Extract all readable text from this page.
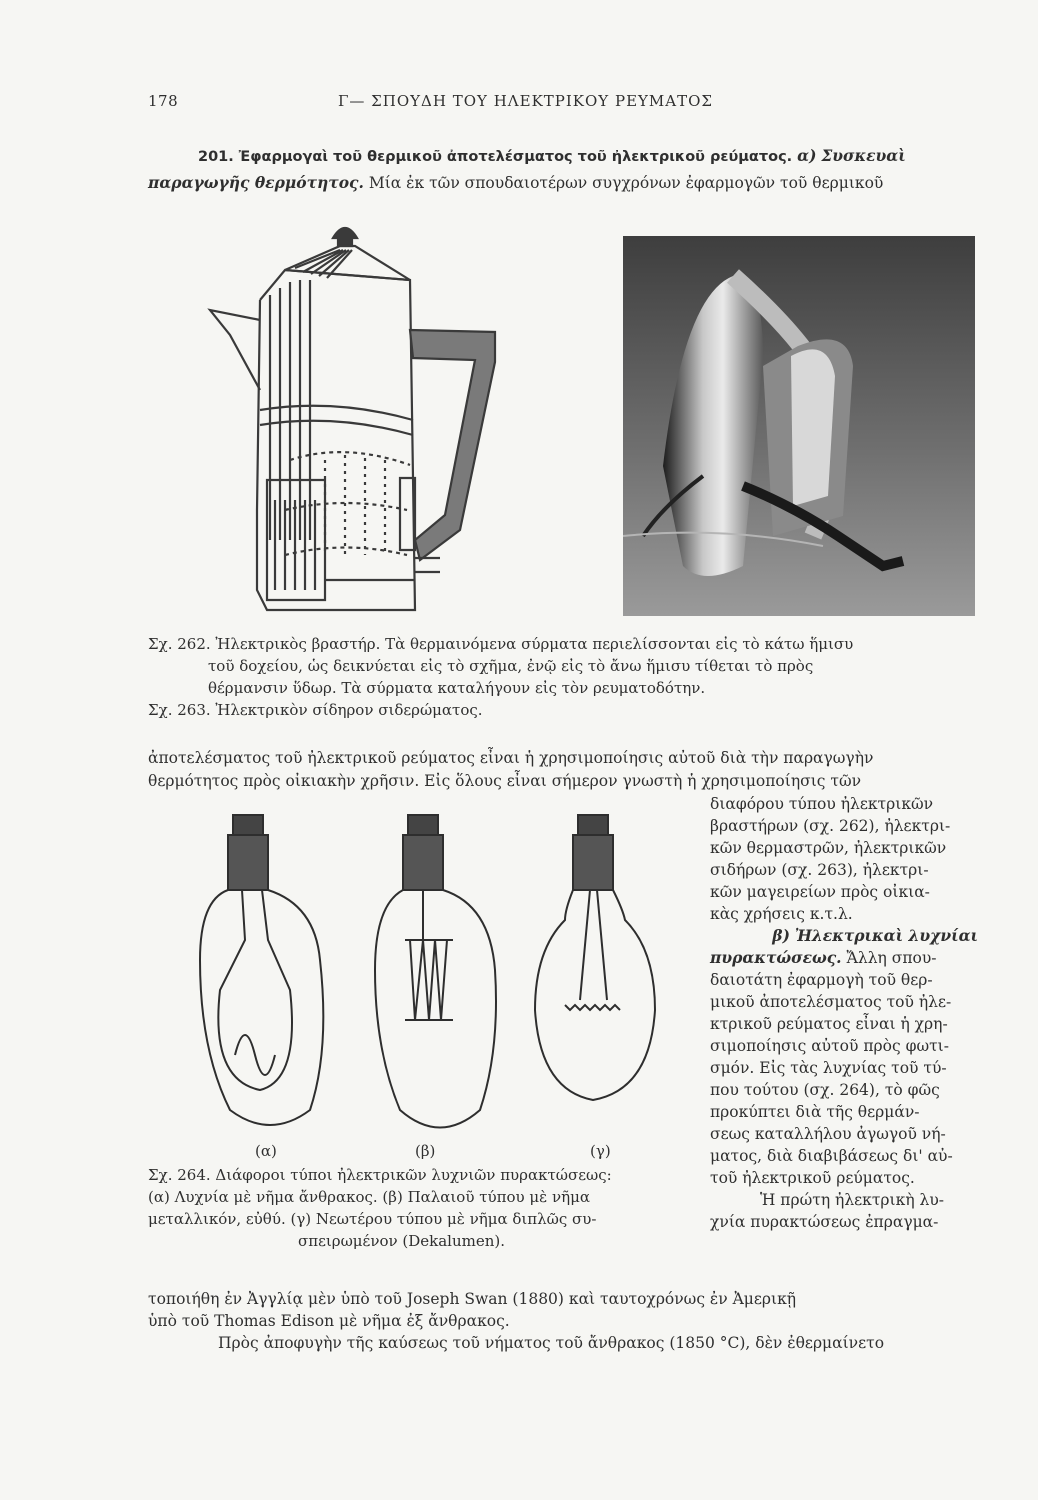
178	Γ— ΣΠΟΥΔΗ ΤΟΥ ΗΛΕΚΤΡΙΚΟΥ ΡΕΥΜΑΤΟΣ
201. Ἐφαρμογαὶ τοῦ θερμικοῦ ἀποτελέσματος τοῦ ἠλεκτρικοῦ ρεύματος. α) Συσκευαὶ παραγωγῆς θερμότητος. Μία ἐκ τῶν σπουδαιοτέρων συγχρόνων ἐφαρμογῶν τοῦ θερμικοῦ
Σχ. 262. Ἠλεκτρικὸς βραστήρ. Τὰ θερμαινόμενα σύρματα περιελίσσονται εἰς τὸ κάτω ἥμισυ
τοῦ δοχείου, ὡς δεικνύεται εἰς τὸ σχῆμα, ἐνῷ εἰς τὸ ἄνω ἥμισυ τίθεται τὸ πρὸς
θέρμανσιν ὕδωρ. Τὰ σύρματα καταλήγουν εἰς τὸν ρευματοδότην.
Σχ. 263. Ἠλεκτρικὸν σίδηρον σιδερώματος.
ἀποτελέσματος τοῦ ἠλεκτρικοῦ ρεύματος εἶναι ἡ χρησιμοποίησις αὐτοῦ διὰ τὴν παραγωγὴν
θερμότητος πρὸς οἰκιακὴν χρῆσιν. Εἰς ὅλους εἶναι σήμερον γνωστὴ ἡ χρησιμοποίησις τῶν
(α)	(β)	(γ)
Σχ. 264. Διάφοροι τύποι ἠλεκτρικῶν λυχνιῶν πυρακτώσεως:
(α) Λυχνία μὲ νῆμα ἄνθρακος. (β) Παλαιοῦ τύπου μὲ νῆμα
μεταλλικόν, εὐθύ. (γ) Νεωτέρου τύπου μὲ νῆμα διπλῶς συ-
σπειρωμένον (Dekalumen).
διαφόρου τύπου ἠλεκτρικῶν
βραστήρων (σχ. 262), ἠλεκτρι-
κῶν θερμαστρῶν, ἠλεκτρικῶν
σιδήρων (σχ. 263), ἠλεκτρι-
κῶν μαγειρείων πρὸς οἰκια-
κὰς χρήσεις κ.τ.λ.
β) Ἠλεκτρικαὶ λυχνίαι
πυρακτώσεως. Ἄλλη σπου-
δαιοτάτη ἐφαρμογὴ τοῦ θερ-
μικοῦ ἀποτελέσματος τοῦ ἠλε-
κτρικοῦ ρεύματος εἶναι ἡ χρη-
σιμοποίησις αὐτοῦ πρὸς φωτι-
σμόν. Εἰς τὰς λυχνίας τοῦ τύ-
που τούτου (σχ. 264), τὸ φῶς
προκύπτει διὰ τῆς θερμάν-
σεως καταλλήλου ἀγωγοῦ νή-
ματος, διὰ διαβιβάσεως δι' αὐ-
τοῦ ἠλεκτρικοῦ ρεύματος.
Ἡ πρώτη ἠλεκτρικὴ λυ-
χνία πυρακτώσεως ἐπραγμα-
τοποιήθη ἐν Ἀγγλίᾳ μὲν ὑπὸ τοῦ Joseph Swan (1880) καὶ ταυτοχρόνως ἐν Ἀμερικῇ
ὑπὸ τοῦ Thomas Edison μὲ νῆμα ἐξ ἄνθρακος.
Πρὸς ἀποφυγὴν τῆς καύσεως τοῦ νήματος τοῦ ἄνθρακος (1850 °C), δὲν ἐθερμαίνετο
